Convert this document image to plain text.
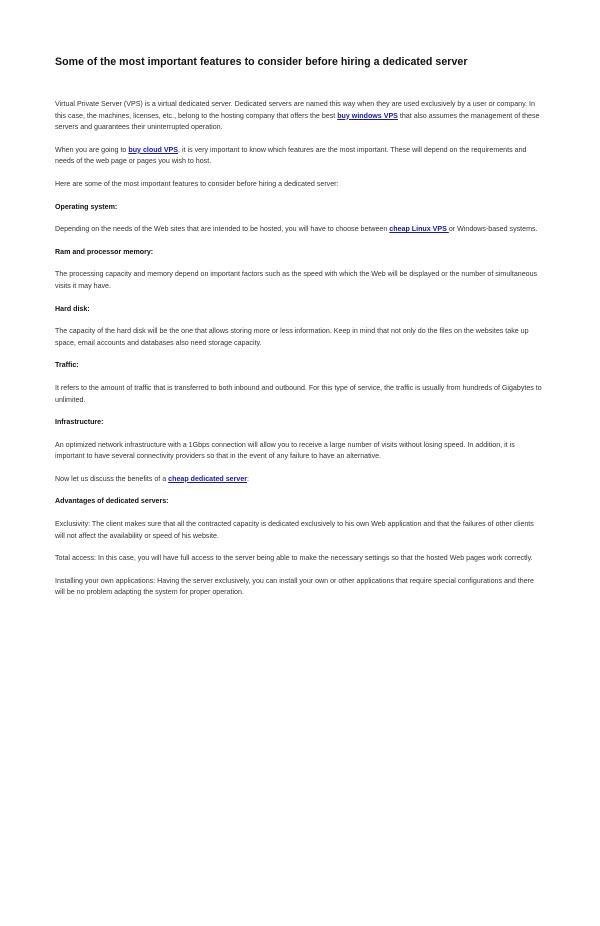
Some of the most important features to consider before hiring a dedicated server

Virtual Private Server (VPS) is a virtual dedicated server. Dedicated servers are named this way when they are used exclusively by a user or company. In this case, the machines, licenses, etc., belong to the hosting company that offers the best buy windows VPS that also assumes the management of these servers and guarantees their uninterrupted operation.

When you are going to buy cloud VPS, it is very important to know which features are the most important. These will depend on the requirements and needs of the web page or pages you wish to host.

Here are some of the most important features to consider before hiring a dedicated server:

Operating system:

Depending on the needs of the Web sites that are intended to be hosted, you will have to choose between cheap Linux VPS or Windows-based systems.

Ram and processor memory:

The processing capacity and memory depend on important factors such as the speed with which the Web will be displayed or the number of simultaneous visits it may have.

Hard disk:

The capacity of the hard disk will be the one that allows storing more or less information. Keep in mind that not only do the files on the websites take up space, email accounts and databases also need storage capacity.

Traffic:

It refers to the amount of traffic that is transferred to both inbound and outbound. For this type of service, the traffic is usually from hundreds of Gigabytes to unlimited.

Infrastructure:

An optimized network infrastructure with a 1Gbps connection will allow you to receive a large number of visits without losing speed. In addition, it is important to have several connectivity providers so that in the event of any failure to have an alternative.

Now let us discuss the benefits of a cheap dedicated server:

Advantages of dedicated servers:

Exclusivity: The client makes sure that all the contracted capacity is dedicated exclusively to his own Web application and that the failures of other clients will not affect the availability or speed of his website.

Total access: In this case, you will have full access to the server being able to make the necessary settings so that the hosted Web pages work correctly.

Installing your own applications: Having the server exclusively, you can install your own or other applications that require special configurations and there will be no problem adapting the system for proper operation.
